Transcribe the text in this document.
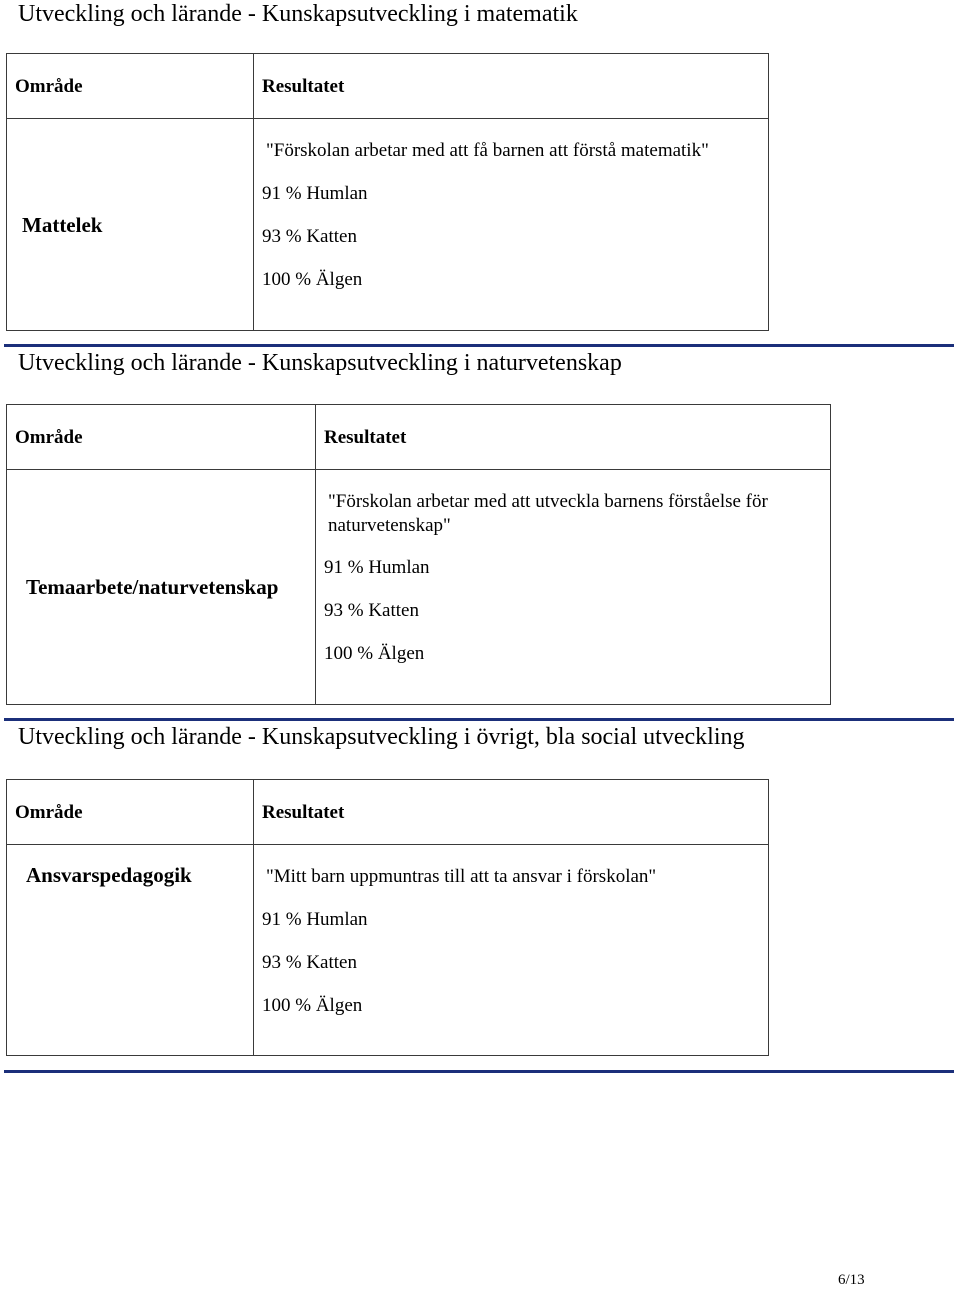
Utveckling och lärande - Kunskapsutveckling i matematik
Område	Resultatet

Mattelek	"Förskolan arbetar med att få barnen att förstå matematik"
91 % Humlan
93 % Katten
100 % Älgen
Utveckling och lärande - Kunskapsutveckling i naturvetenskap
Område	Resultatet

Temaarbete/naturvetenskap	"Förskolan arbetar med att utveckla barnens förståelse för naturvetenskap"
91 % Humlan
93 % Katten
100 % Älgen
Utveckling och lärande - Kunskapsutveckling i övrigt, bla social utveckling
Område	Resultatet

Ansvarspedagogik	"Mitt barn uppmuntras till att ta ansvar i förskolan"
91 % Humlan
93 % Katten
100 % Älgen
6/13
